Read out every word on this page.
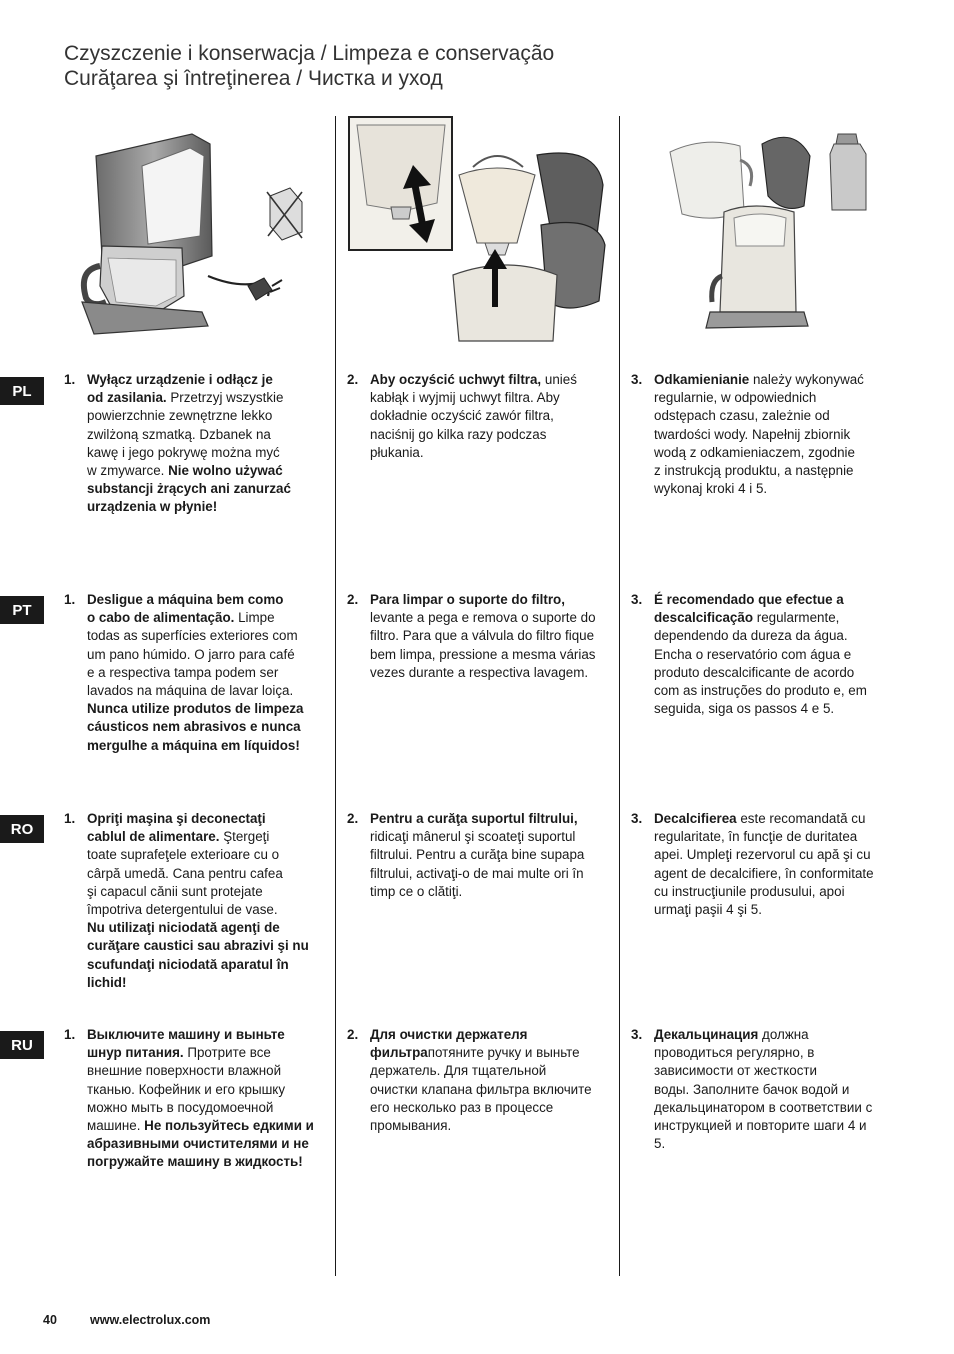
Czyszczenie i konserwacja / Limpeza e conservação
Curăţarea şi întreţinerea / Чистка и уход
PL
1. Wyłącz urządzenie i odłącz je
od zasilania. Przetrzyj wszystkie
powierzchnie zewnętrzne lekko
zwilżoną szmatką. Dzbanek na
kawę i jego pokrywę można myć
w zmywarce. Nie wolno używać
substancji żrących ani zanurzać
urządzenia w płynie!
2. Aby oczyścić uchwyt filtra, unieś
kabłąk i wyjmij uchwyt filtra. Aby
dokładnie oczyścić zawór filtra,
naciśnij go kilka razy podczas
płukania.
3. Odkamienianie należy wykonywać
regularnie, w odpowiednich
odstępach czasu, zależnie od
twardości wody. Napełnij zbiornik
wodą z odkamieniaczem, zgodnie
z instrukcją produktu, a następnie
wykonaj kroki 4 i 5.
PT
1. Desligue a máquina bem como
o cabo de alimentação. Limpe
todas as superfícies exteriores com
um pano húmido. O jarro para café
e a respectiva tampa podem ser
lavados na máquina de lavar loiça.
Nunca utilize produtos de limpeza
cáusticos nem abrasivos e nunca
mergulhe a máquina em líquidos!
2. Para limpar o suporte do filtro,
levante a pega e remova o suporte do
filtro. Para que a válvula do filtro fique
bem limpa, pressione a mesma várias
vezes durante a respectiva lavagem.
3. É recomendado que efectue a
descalcificação regularmente,
dependendo da dureza da água.
Encha o reservatório com água e
produto descalcificante de acordo
com as instruções do produto e, em
seguida, siga os passos 4 e 5.
RO
1. Opriţi maşina şi deconectaţi
cablul de alimentare. Ştergeţi
toate suprafeţele exterioare cu o
cârpă umedă. Cana pentru cafea
şi capacul cănii sunt protejate
împotriva detergentului de vase.
Nu utilizaţi niciodată agenţi de
curăţare caustici sau abrazivi şi nu
scufundaţi niciodată aparatul în
lichid!
2. Pentru a curăţa suportul filtrului,
ridicaţi mânerul şi scoateţi suportul
filtrului. Pentru a curăţa bine supapa
filtrului, activaţi-o de mai multe ori în
timp ce o clătiţi.
3. Decalcifierea este recomandată cu
regularitate, în funcţie de duritatea
apei. Umpleţi rezervorul cu apă şi cu
agent de decalcifiere, în conformitate
cu instrucţiunile produsului, apoi
urmaţi paşii 4 şi 5.
RU
1. Выключите машину и выньте
шнур питания. Протрите все
внешние поверхности влажной
тканью. Кофейник и его крышку
можно мыть в посудомоечной
машине. Не пользуйтесь едкими и
абразивными очистителями и не
погружайте машину в жидкость!
2. Для очистки держателя
фильтрапотяните ручку и выньте
держатель. Для тщательной
очистки клапана фильтра включите
его несколько раз в процессе
промывания.
3. Декальцинация должна
проводиться регулярно, в
зависимости от жесткости
воды. Заполните бачок водой и
декальцинатором в соответствии с
инструкцией и повторите шаги 4 и
5.
40	www.electrolux.com
